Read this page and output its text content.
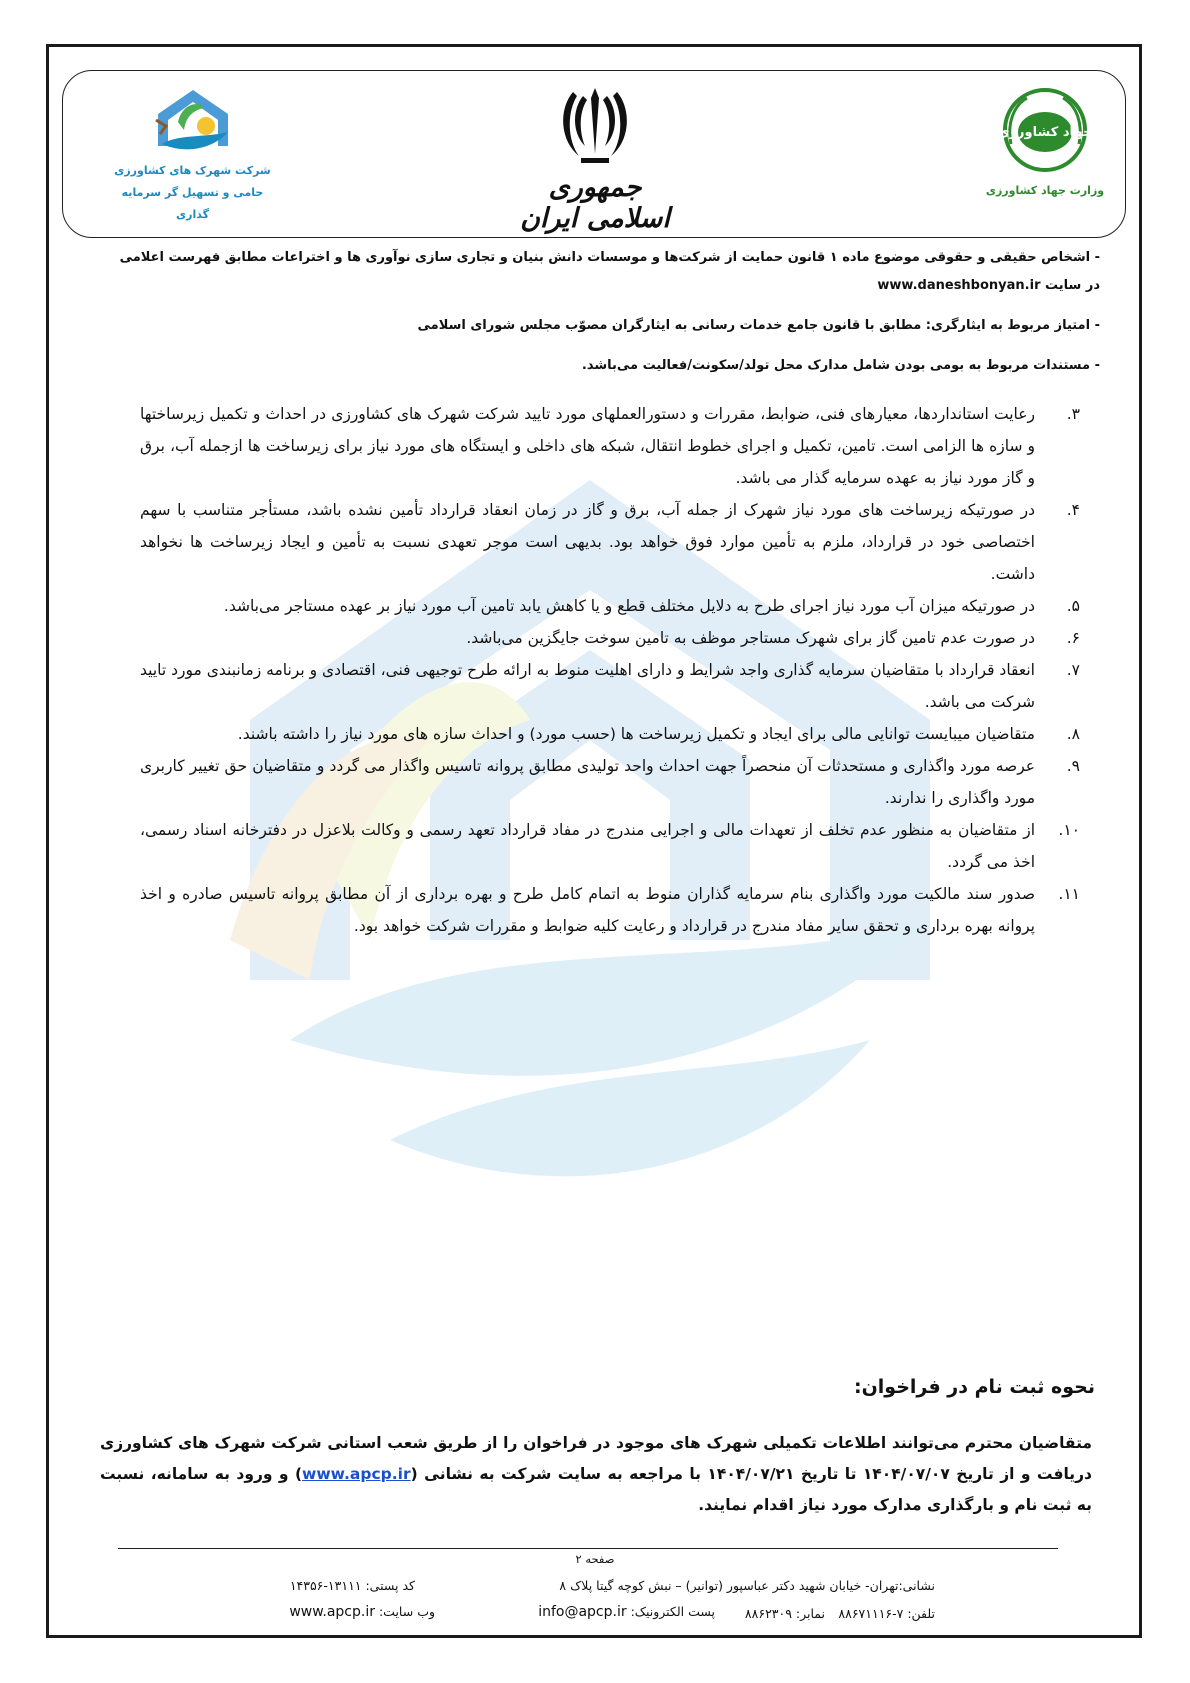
شرکت شهرک های کشاورزی
حامی و تسهیل گر سرمایه گذاری
جمهوری اسلامی ایران
جهاد کشاورزی
وزارت جهاد کشاورزی
- اشخاص حقیقی و حقوقی موضوع ماده ۱ قانون حمایت از شرکت‌ها و موسسات دانش بنیان و تجاری سازی نوآوری ها و اختراعات مطابق فهرست اعلامی در سایت www.daneshbonyan.ir
- امتیاز مربوط به ایثارگری: مطابق با قانون جامع خدمات رسانی به ایثارگران مصوّب مجلس شورای اسلامی
- مستندات مربوط به بومی بودن شامل مدارک محل تولد/سکونت/فعالیت می‌باشد.
۳.
رعایت استانداردها، معیارهای فنی، ضوابط، مقررات و دستورالعملهای مورد تایید شرکت شهرک های کشاورزی در احداث و تکمیل زیرساختها و سازه ها الزامی است. تامین، تکمیل و اجرای خطوط انتقال، شبکه های داخلی و ایستگاه های مورد نیاز برای زیرساخت ها ازجمله آب، برق و گاز مورد نیاز به عهده سرمایه گذار می باشد.
۴.
در صورتیکه زیرساخت های مورد نیاز شهرک از جمله آب، برق و گاز در زمان انعقاد قرارداد تأمین نشده باشد، مستأجر متناسب با سهم اختصاصی خود در قرارداد، ملزم به تأمین موارد فوق خواهد بود. بدیهی است موجر تعهدی نسبت به تأمین و ایجاد زیرساخت ها نخواهد داشت.
۵.
در صورتیکه میزان آب مورد نیاز اجرای طرح به دلایل مختلف قطع و یا کاهش یابد تامین آب مورد نیاز بر عهده مستاجر می‌باشد.
۶.
در صورت عدم تامین گاز برای شهرک مستاجر موظف به تامین سوخت جایگزین می‌باشد.
۷.
انعقاد قرارداد با متقاضیان سرمایه گذاری واجد شرایط و دارای اهلیت منوط به ارائه طرح توجیهی فنی، اقتصادی و برنامه زمانبندی مورد تایید شرکت می باشد.
۸.
متقاضیان میبایست توانایی مالی برای ایجاد و تکمیل زیرساخت ها (حسب مورد) و احداث سازه های مورد نیاز را داشته باشند.
۹.
عرصه مورد واگذاری و مستحدثات آن منحصراً جهت احداث واحد تولیدی مطابق پروانه تاسیس واگذار می گردد و متقاضیان حق تغییر کاربری مورد واگذاری را ندارند.
۱۰.
از متقاضیان به منظور عدم تخلف از تعهدات مالی و اجرایی مندرج در مفاد قرارداد تعهد رسمی و وکالت بلاعزل در دفترخانه اسناد رسمی، اخذ می گردد.
۱۱.
صدور سند مالکیت مورد واگذاری بنام سرمایه گذاران منوط به اتمام کامل طرح و بهره برداری از آن مطابق پروانه تاسیس صادره و اخذ پروانه بهره برداری و تحقق سایر مفاد مندرج در قرارداد و رعایت کلیه ضوابط و مقررات شرکت خواهد بود.
نحوه ثبت نام در فراخوان:
متقاضیان محترم می‌توانند اطلاعات تکمیلی شهرک های موجود در فراخوان را از طریق شعب استانی شرکت شهرک های کشاورزی دریافت و از تاریخ ۱۴۰۴/۰۷/۰۷ تا تاریخ ۱۴۰۴/۰۷/۲۱ با مراجعه به سایت شرکت به نشانی (www.apcp.ir) و ورود به سامانه، نسبت به ثبت نام و بارگذاری مدارک مورد نیاز اقدام نمایند.
صفحه ۲
نشانی:تهران- خیابان شهید دکتر عباسپور (توانیر) – نبش کوچه گیتا پلاک ۸
کد پستی: ۱۳۱۱۱-۱۴۳۵۶
تلفن: ۷-۸۸۶۷۱۱۱۶
نمابر: ۸۸۶۲۳۰۹
پست الکترونیک: info@apcp.ir
وب سایت: www.apcp.ir
